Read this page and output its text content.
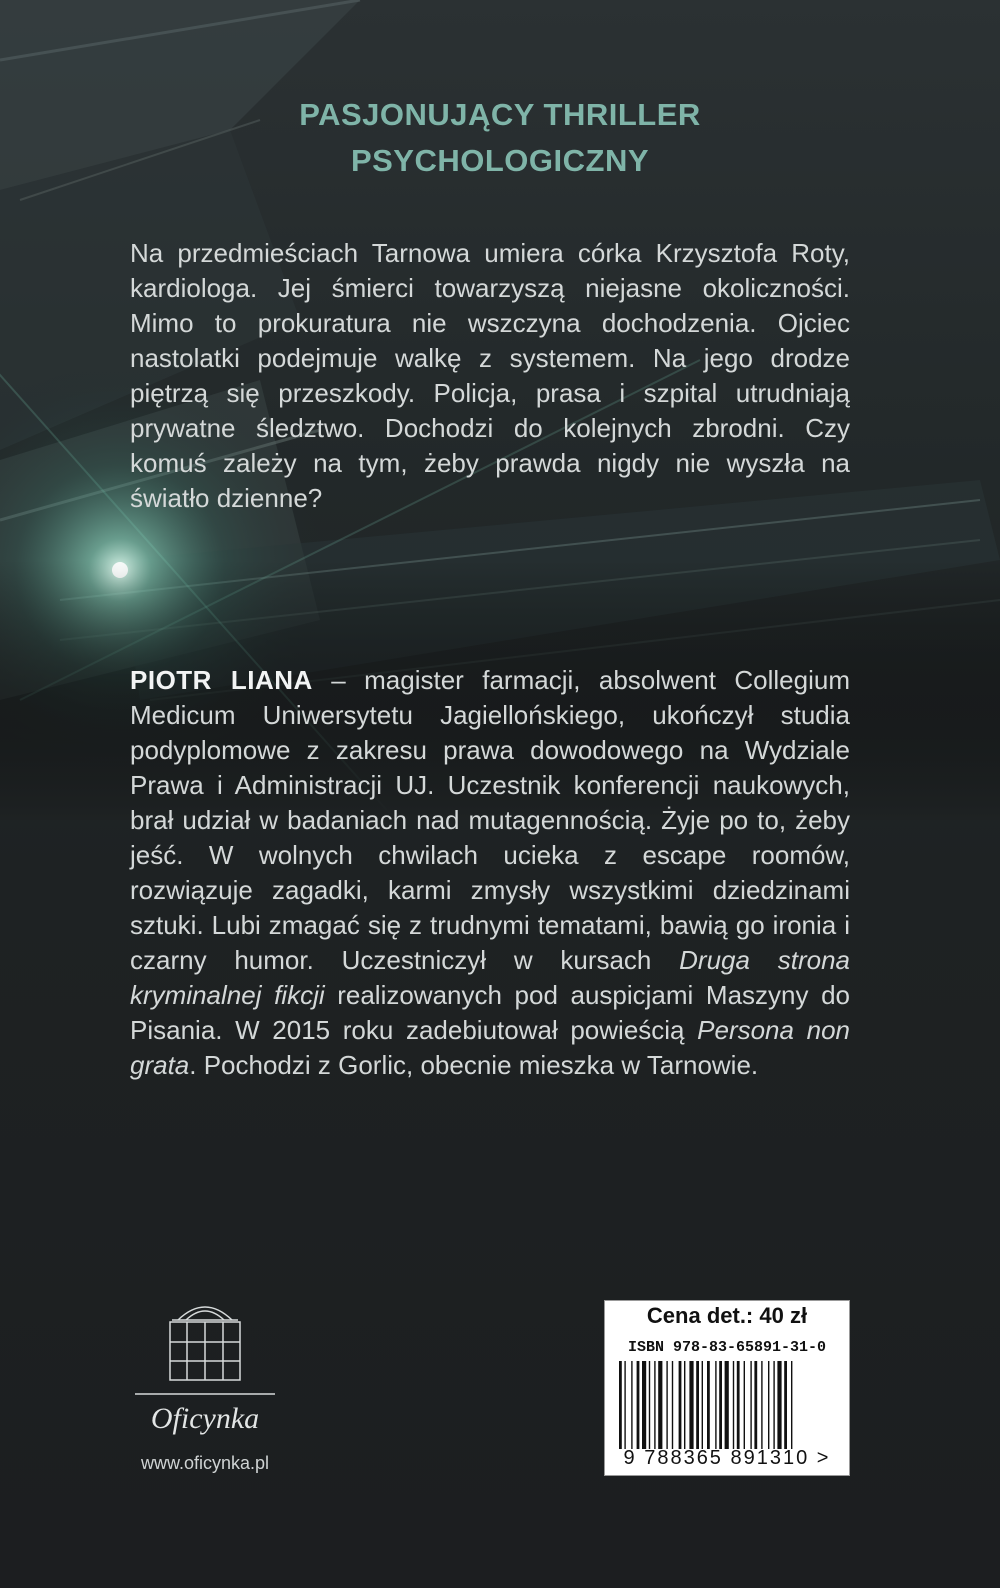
PASJONUJĄCY THRILLER
PSYCHOLOGICZNY
Na przedmieściach Tarnowa umiera córka Krzysztofa Roty, kardiologa. Jej śmierci towarzyszą niejasne okoliczności. Mimo to prokuratura nie wszczyna dochodzenia. Ojciec nastolatki podejmuje walkę z systemem. Na jego drodze piętrzą się przeszkody. Policja, prasa i szpital utrudniają prywatne śledztwo. Dochodzi do kolejnych zbrodni. Czy komuś zależy na tym, żeby prawda nigdy nie wyszła na światło dzienne?
PIOTR LIANA – magister farmacji, absolwent Collegium Medicum Uniwersytetu Jagiellońskiego, ukończył studia podyplomowe z zakresu prawa dowodowego na Wydziale Prawa i Administracji UJ. Uczestnik konferencji naukowych, brał udział w badaniach nad mutagennością. Żyje po to, żeby jeść. W wolnych chwilach ucieka z escape roomów, rozwiązuje zagadki, karmi zmysły wszystkimi dziedzinami sztuki. Lubi zmagać się z trudnymi tematami, bawią go ironia i czarny humor. Uczestniczył w kursach Druga strona kryminalnej fikcji realizowanych pod auspicjami Maszyny do Pisania. W 2015 roku zadebiutował powieścią Persona non grata. Pochodzi z Gorlic, obecnie mieszka w Tarnowie.
Oficynka
www.oficynka.pl
Cena det.: 40 zł
ISBN 978-83-65891-31-0
9 788365 891310 >
